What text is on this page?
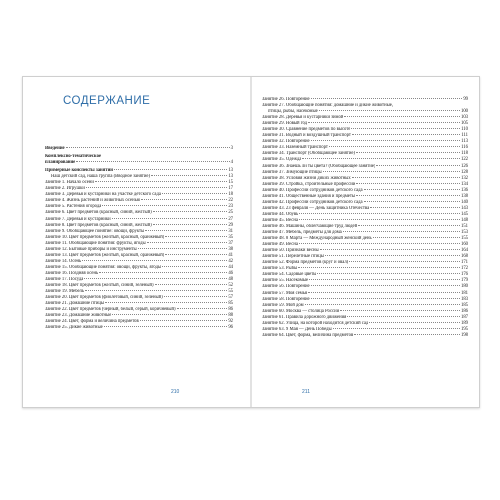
СОДЕРЖАНИЕ
Введение	3
Комплексно-тематическое
планирование	4
Примерные конспекты занятий	13
Наш детский сад, наша группа (Вводное занятие)	13
Занятие 1. Начало осени	15
Занятие 2. Игрушки	17
Занятие 3. Деревья и кустарники на участке детского сада	18
Занятие 4. Жизнь растений и животных осенью	22
Занятие 5. Растения огорода	23
Занятие 6. Цвет предметов (красный, синий, желтый)	25
Занятие 7. Деревья и кустарники	27
Занятие 8. Цвет предметов (красный, синий, желтый)	29
Занятие 9. Обобщающее понятие: овощи, фрукты	31
Занятие 10. Цвет предметов (желтый, красный, оранжевый)	35
Занятие 11. Обобщающие понятия: фрукты, ягоды	37
Занятие 12. Бытовые приборы и инструменты	38
Занятие 13. Цвет предметов (желтый, красный, оранжевый)	41
Занятие 14. Осень	42
Занятие 15. Обобщающие понятия: овощи, фрукты, ягоды	44
Занятие 16. Поздняя осень	46
Занятие 17. Посуда	48
Занятие 18. Цвет предметов (желтый, синий, зеленый)	52
Занятие 19. Мебель	55
Занятие 20. Цвет предметов (фиолетовый, синий, зеленый)	57
Занятие 21. Домашние птицы	85
Занятие 22. Цвет предметов (черный, белый, серый, коричневый)	86
Занятие 23. Домашние животные	88
Занятие 24. Цвет, форма и величина предметов	92
Занятие 25. Дикие животные	96
210
Занятие 26. Повторение	99
Занятие 27. Обобщающие понятия: домашние и дикие животные,
птицы, рыбы, насекомые	100
Занятие 28. Деревья и кустарники зимой	103
Занятие 29. Новый год	105
Занятие 30. Сравнение предметов по высоте	110
Занятие 31. Водный и воздушный транспорт	111
Занятие 32. Повторение	113
Занятие 33. Наземный транспорт	116
Занятие 34. Транспорт (Обобщающее занятие)	118
Занятие 35. Одежда	122
Занятие 36. Знаешь ли ты цвета? (Обобщающее занятие)	126
Занятие 37. Зимующие птицы	128
Занятие 38. Условия жизни диких животных	132
Занятие 39. Стройка, строительные профессии	134
Занятие 40. Профессии сотрудников детского сада	136
Занятие 41. Общественные здания и предметы	138
Занятие 42. Профессии сотрудников детского сада	140
Занятие 43. 23 февраля — День защитника Отечества	143
Занятие 44. Обувь	145
Занятие 45. Весна	148
Занятие 46. Машины, облегчающие труд людей	151
Занятие 47. Мебель, предметы для дома	153
Занятие 48. 8 Марта — Международный женский день	155
Занятие 49. Весна	160
Занятие 50. Признаки весны	164
Занятие 51. Перелетные птицы	168
Занятие 52. Форма предметов (круг и овал)	171
Занятие 53. Рыбы	172
Занятие 54. Садовые цветы	176
Занятие 55. Насекомые	179
Занятие 56. Повторение	180
Занятие 57. Моя семья	181
Занятие 58. Повторение	183
Занятие 59. Мой дом	185
Занятие 60. Москва — столица России	186
Занятие 61. Правила дорожного движения	187
Занятие 62. Улица, на которой находится детский сад	189
Занятие 63. 9 Мая — День Победы	195
Занятие 64. Цвет, форма, величина предметов	198
211
